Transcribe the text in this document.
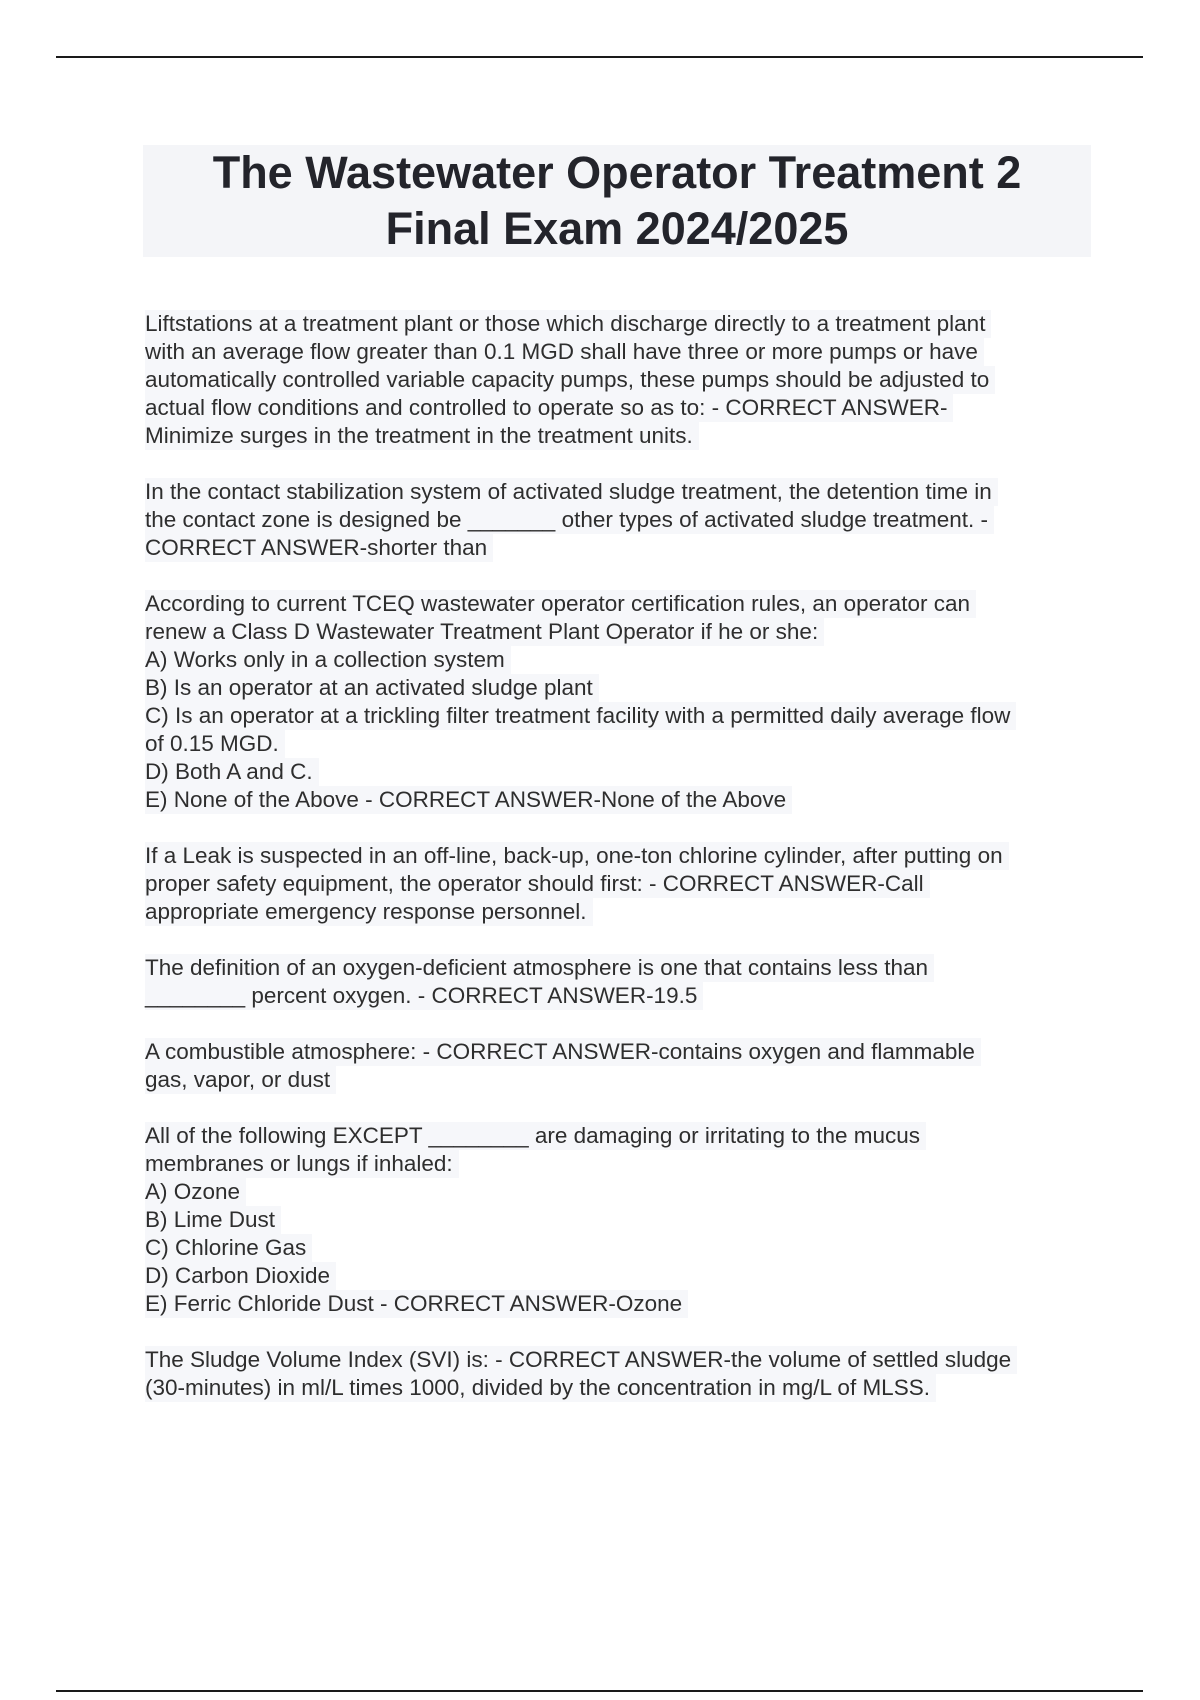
The Wastewater Operator Treatment 2
Final Exam 2024/2025
Liftstations at a treatment plant or those which discharge directly to a treatment plant
with an average flow greater than 0.1 MGD shall have three or more pumps or have
automatically controlled variable capacity pumps, these pumps should be adjusted to
actual flow conditions and controlled to operate so as to: - CORRECT ANSWER-
Minimize surges in the treatment in the treatment units.
In the contact stabilization system of activated sludge treatment, the detention time in
the contact zone is designed be _______ other types of activated sludge treatment. -
CORRECT ANSWER-shorter than
According to current TCEQ wastewater operator certification rules, an operator can
renew a Class D Wastewater Treatment Plant Operator if he or she:
A) Works only in a collection system
B) Is an operator at an activated sludge plant
C) Is an operator at a trickling filter treatment facility with a permitted daily average flow
of 0.15 MGD.
D) Both A and C.
E) None of the Above - CORRECT ANSWER-None of the Above
If a Leak is suspected in an off-line, back-up, one-ton chlorine cylinder, after putting on
proper safety equipment, the operator should first: - CORRECT ANSWER-Call
appropriate emergency response personnel.
The definition of an oxygen-deficient atmosphere is one that contains less than
________ percent oxygen. - CORRECT ANSWER-19.5
A combustible atmosphere: - CORRECT ANSWER-contains oxygen and flammable
gas, vapor, or dust
All of the following EXCEPT ________ are damaging or irritating to the mucus
membranes or lungs if inhaled:
A) Ozone
B) Lime Dust
C) Chlorine Gas
D) Carbon Dioxide
E) Ferric Chloride Dust - CORRECT ANSWER-Ozone
The Sludge Volume Index (SVI) is: - CORRECT ANSWER-the volume of settled sludge
(30-minutes) in ml/L times 1000, divided by the concentration in mg/L of MLSS.
